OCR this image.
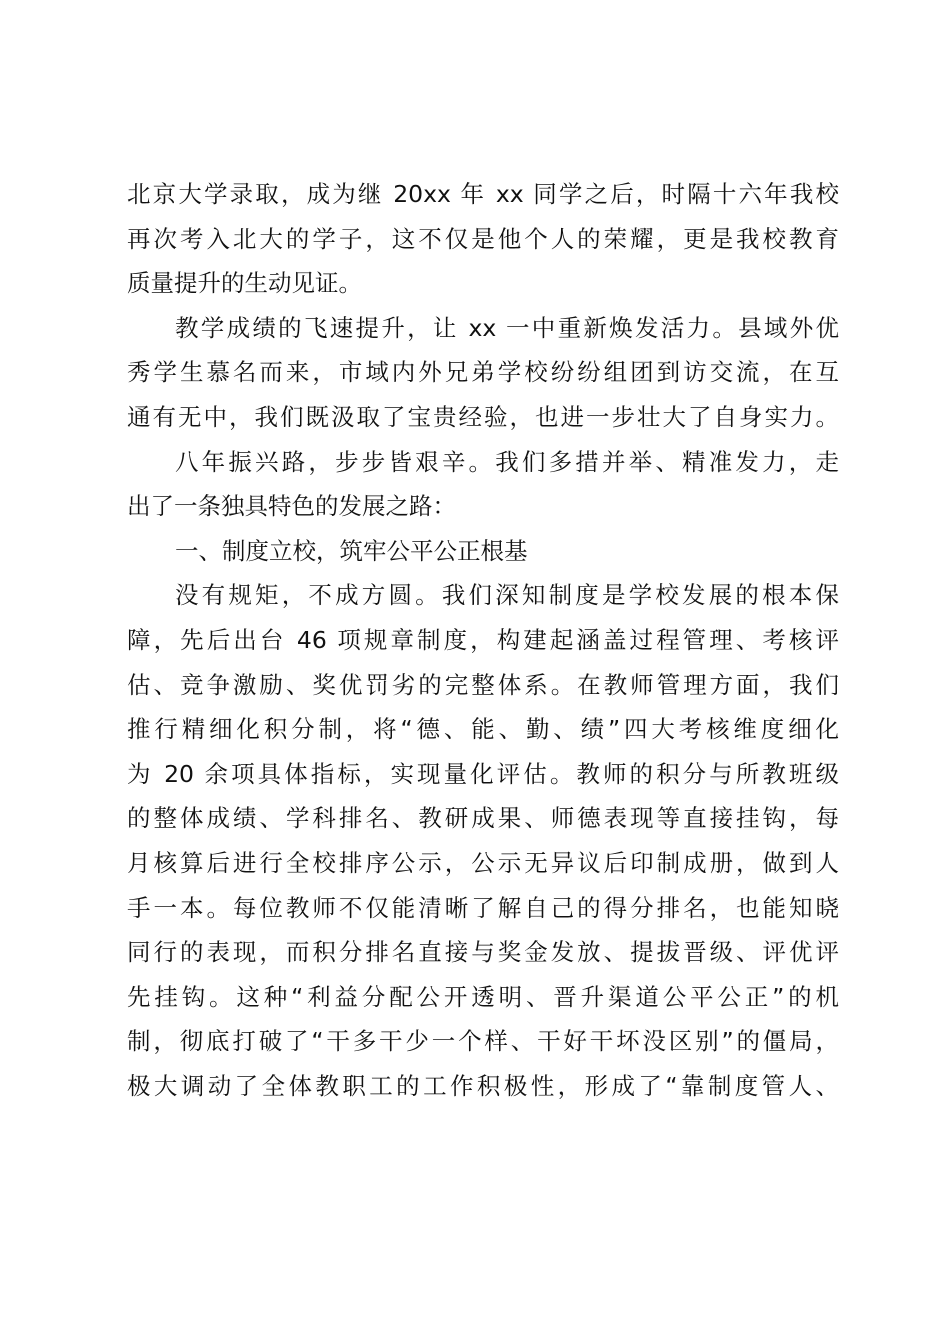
北京大学录取，成为继 20xx 年 xx 同学之后，时隔十六年我校
再次考入北大的学子，这不仅是他个人的荣耀，更是我校教育
质量提升的生动见证。
教学成绩的飞速提升，让 xx 一中重新焕发活力。县域外优
秀学生慕名而来，市域内外兄弟学校纷纷组团到访交流，在互
通有无中，我们既汲取了宝贵经验，也进一步壮大了自身实力。
八年振兴路，步步皆艰辛。我们多措并举、精准发力，走
出了一条独具特色的发展之路：
一、制度立校，筑牢公平公正根基
没有规矩，不成方圆。我们深知制度是学校发展的根本保
障，先后出台 46 项规章制度，构建起涵盖过程管理、考核评
估、竞争激励、奖优罚劣的完整体系。在教师管理方面，我们
推行精细化积分制，将“德、能、勤、绩”四大考核维度细化
为 20 余项具体指标，实现量化评估。教师的积分与所教班级
的整体成绩、学科排名、教研成果、师德表现等直接挂钩，每
月核算后进行全校排序公示，公示无异议后印制成册，做到人
手一本。每位教师不仅能清晰了解自己的得分排名，也能知晓
同行的表现，而积分排名直接与奖金发放、提拔晋级、评优评
先挂钩。这种“利益分配公开透明、晋升渠道公平公正”的机
制，彻底打破了“干多干少一个样、干好干坏没区别”的僵局，
极大调动了全体教职工的工作积极性，形成了“靠制度管人、
